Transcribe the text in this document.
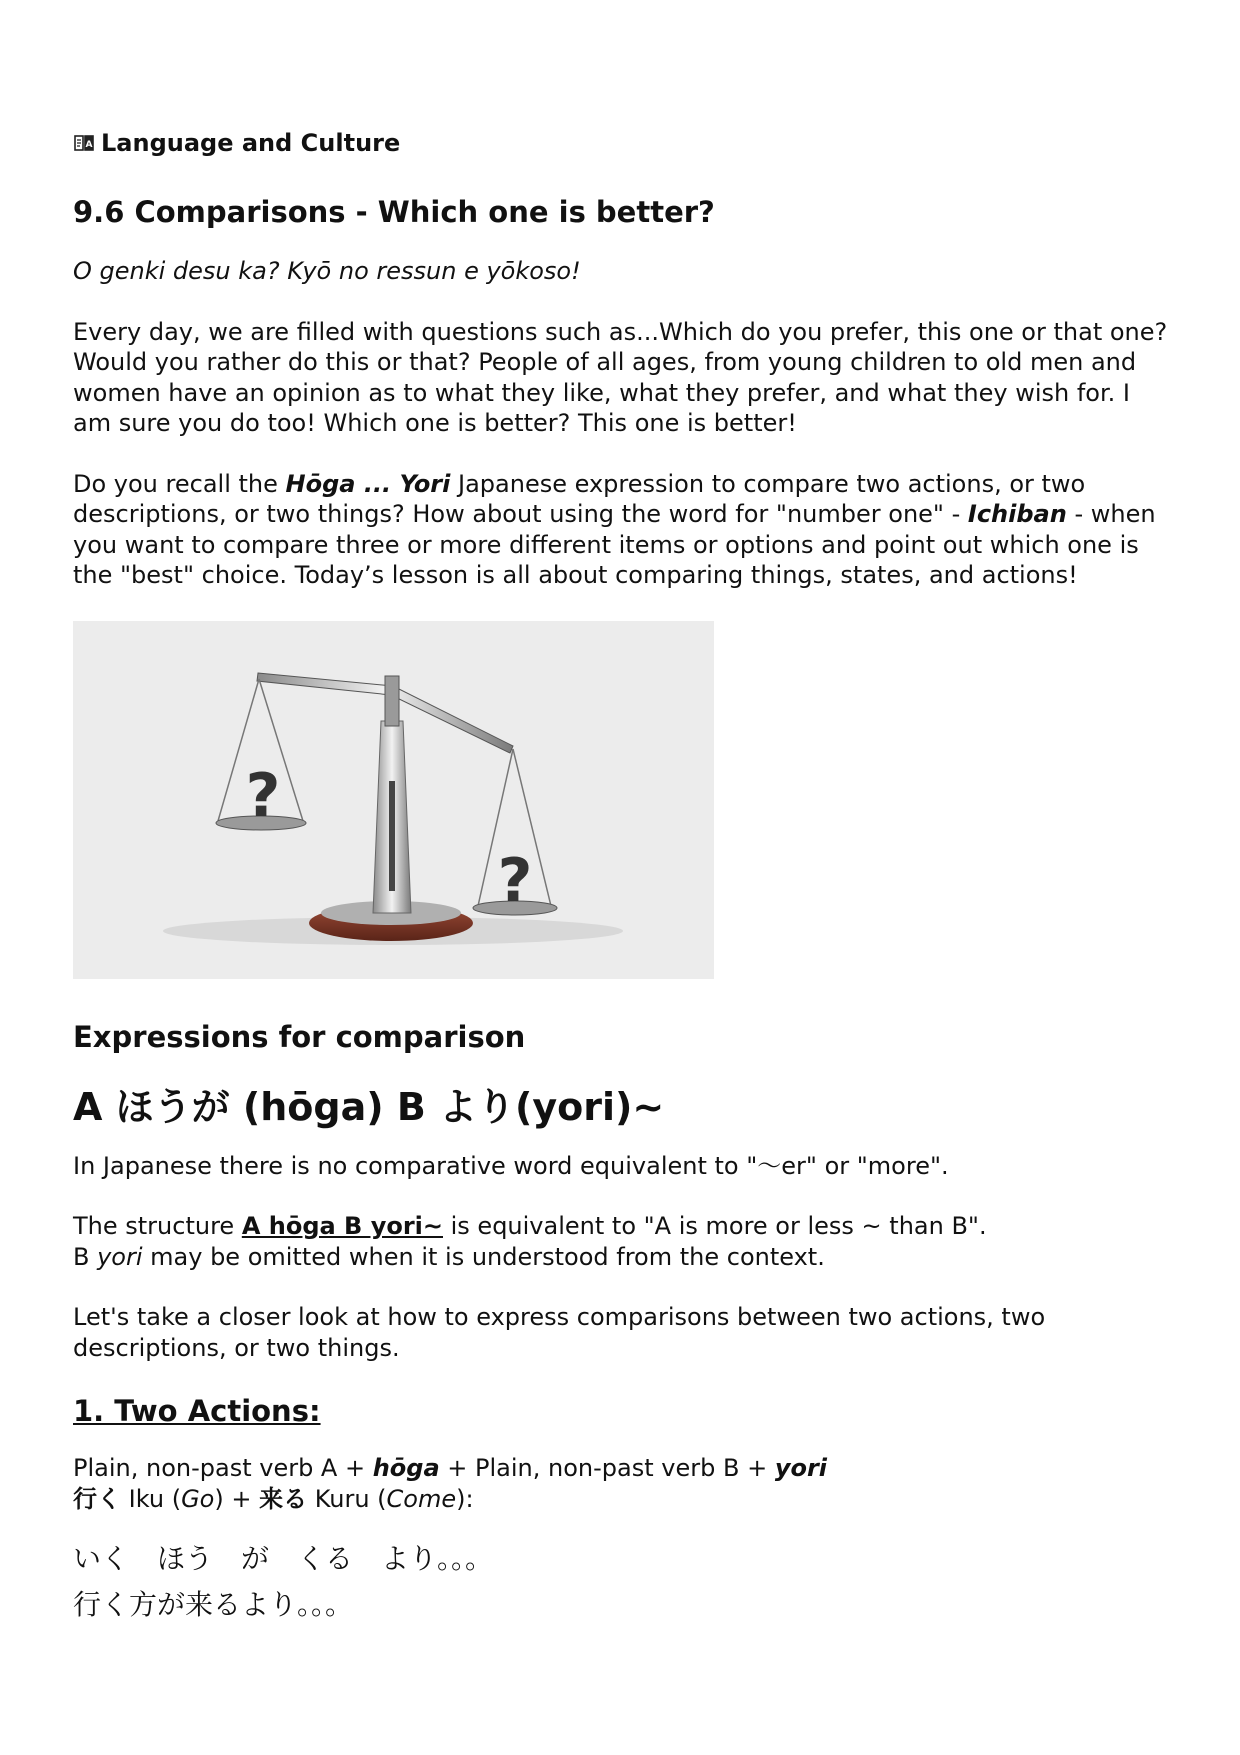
A Language and Culture
9.6 Comparisons - Which one is better?

O genki desu ka? Kyō no ressun e yōkoso!

Every day, we are filled with questions such as...Which do you prefer, this one or that one? Would you rather do this or that? People of all ages, from young children to old men and women have an opinion as to what they like, what they prefer, and what they wish for. I am sure you do too! Which one is better? This one is better!

Do you recall the Hōga ... Yori Japanese expression to compare two actions, or two descriptions, or two things? How about using the word for "number one" - Ichiban - when you want to compare three or more different items or options and point out which one is the "best" choice. Today’s lesson is all about comparing things, states, and actions!

?
?
Expressions for comparison
A ほうが (hōga) B より(yori)~

In Japanese there is no comparative word equivalent to "～er" or "more".

The structure A hōga B yori~ is equivalent to "A is more or less ~ than B".

B yori may be omitted when it is understood from the context.

Let's take a closer look at how to express comparisons between two actions, two descriptions, or two things.

1. Two Actions:

Plain, non-past verb A + hōga + Plain, non-past verb B + yori

行く Iku (Go) + 来る Kuru (Come):

いく　ほう　が　くる　より。。。

行く方が来るより。。。
